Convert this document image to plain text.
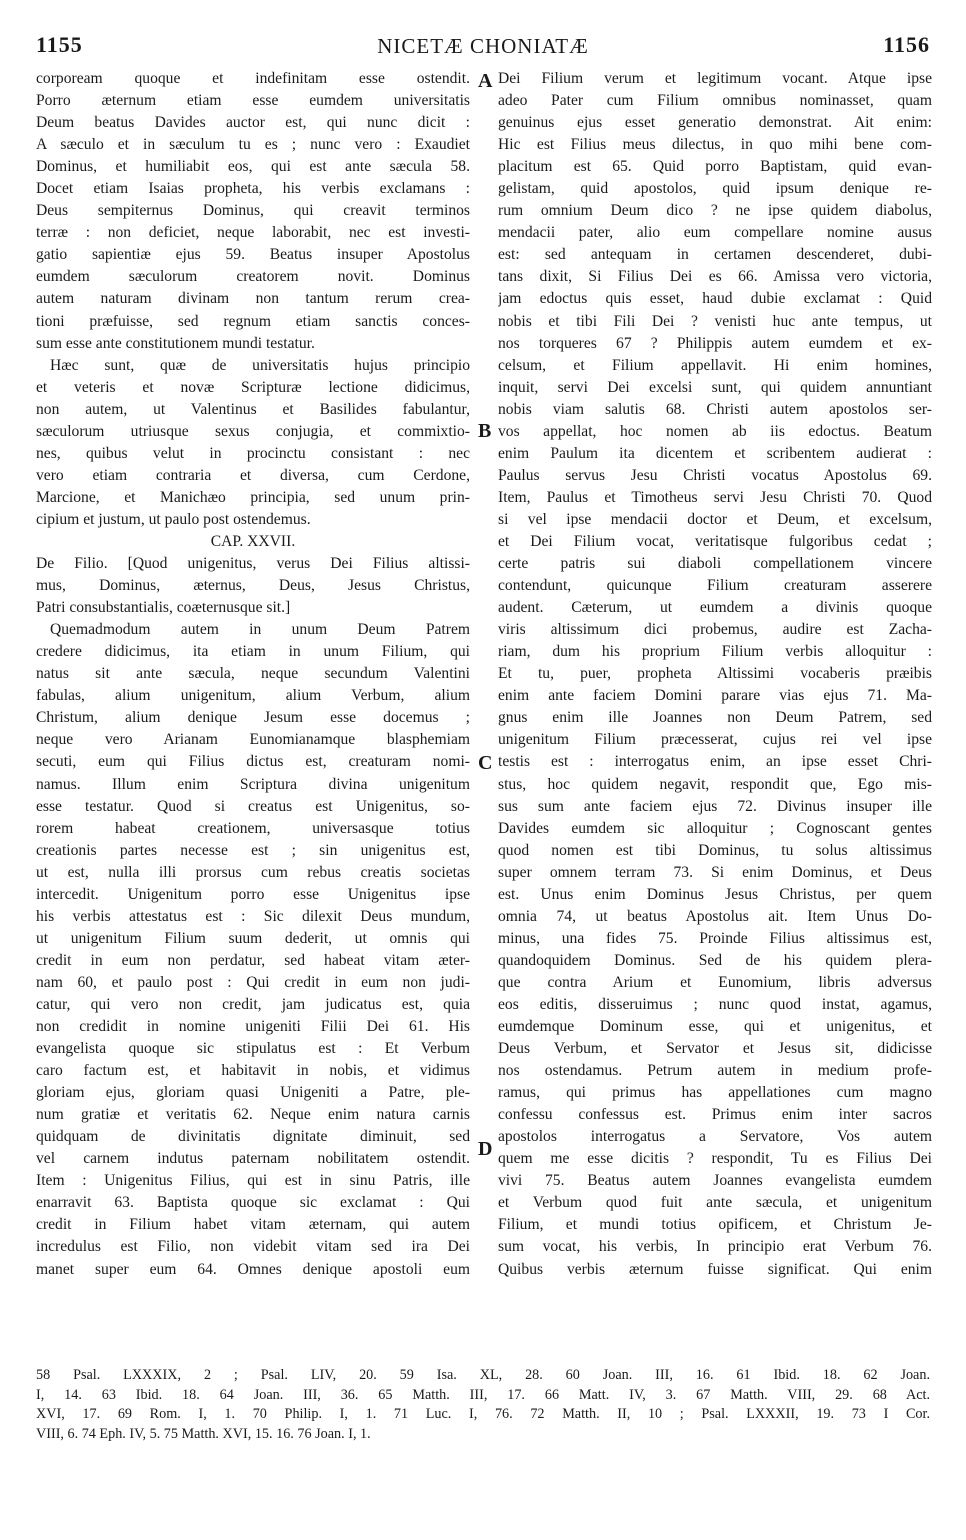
1155	NICETÆ CHONIATÆ	1156
corpoream quoque et indefinitam esse ostendit.
Porro æternum etiam esse eumdem universitatis
Deum beatus Davides auctor est, qui nunc dicit :
A sæculo et in sæculum tu es ; nunc vero : Exaudiet
Dominus, et humiliabit eos, qui est ante sæcula 58.
Docet etiam Isaias propheta, his verbis exclamans :
Deus sempiternus Dominus, qui creavit terminos
terræ : non deficiet, neque laborabit, nec est investi-
gatio sapientiæ ejus 59. Beatus insuper Apostolus
eumdem sæculorum creatorem novit. Dominus
autem naturam divinam non tantum rerum crea-
tioni præfuisse, sed regnum etiam sanctis conces-
sum esse ante constitutionem mundi testatur.
Hæc sunt, quæ de universitatis hujus principio
et veteris et novæ Scripturæ lectione didicimus,
non autem, ut Valentinus et Basilides fabulantur,
sæculorum utriusque sexus conjugia, et commixtio-
nes, quibus velut in procinctu consistant : nec
vero etiam contraria et diversa, cum Cerdone,
Marcione, et Manichæo principia, sed unum prin-
cipium et justum, ut paulo post ostendemus.
CAP. XXVII.
De Filio. [Quod unigenitus, verus Dei Filius altissi-
mus, Dominus, æternus, Deus, Jesus Christus,
Patri consubstantialis, coæternusque sit.]
Quemadmodum autem in unum Deum Patrem
credere didicimus, ita etiam in unum Filium, qui
natus sit ante sæcula, neque secundum Valentini
fabulas, alium unigenitum, alium Verbum, alium
Christum, alium denique Jesum esse docemus ;
neque vero Arianam Eunomianamque blasphemiam
secuti, eum qui Filius dictus est, creaturam nomi-
namus. Illum enim Scriptura divina unigenitum
esse testatur. Quod si creatus est Unigenitus, so-
rorem habeat creationem, universasque totius
creationis partes necesse est ; sin unigenitus est,
ut est, nulla illi prorsus cum rebus creatis societas
intercedit. Unigenitum porro esse Unigenitus ipse
his verbis attestatus est : Sic dilexit Deus mundum,
ut unigenitum Filium suum dederit, ut omnis qui
credit in eum non perdatur, sed habeat vitam æter-
nam 60, et paulo post : Qui credit in eum non judi-
catur, qui vero non credit, jam judicatus est, quia
non credidit in nomine unigeniti Filii Dei 61. His
evangelista quoque sic stipulatus est : Et Verbum
caro factum est, et habitavit in nobis, et vidimus
gloriam ejus, gloriam quasi Unigeniti a Patre, ple-
num gratiæ et veritatis 62. Neque enim natura carnis
quidquam de divinitatis dignitate diminuit, sed
vel carnem indutus paternam nobilitatem ostendit.
Item : Unigenitus Filius, qui est in sinu Patris, ille
enarravit 63. Baptista quoque sic exclamat : Qui
credit in Filium habet vitam æternam, qui autem
incredulus est Filio, non videbit vitam sed ira Dei
manet super eum 64. Omnes denique apostoli eum
Dei Filium verum et legitimum vocant. Atque ipse
adeo Pater cum Filium omnibus nominasset, quam
genuinus ejus esset generatio demonstrat. Ait enim:
Hic est Filius meus dilectus, in quo mihi bene com-
placitum est 65. Quid porro Baptistam, quid evan-
gelistam, quid apostolos, quid ipsum denique re-
rum omnium Deum dico ? ne ipse quidem diabolus,
mendacii pater, alio eum compellare nomine ausus
est: sed antequam in certamen descenderet, dubi-
tans dixit, Si Filius Dei es 66. Amissa vero victoria,
jam edoctus quis esset, haud dubie exclamat : Quid
nobis et tibi Fili Dei ? venisti huc ante tempus, ut
nos torqueres 67 ? Philippis autem eumdem et ex-
celsum, et Filium appellavit. Hi enim homines,
inquit, servi Dei excelsi sunt, qui quidem annuntiant
nobis viam salutis 68. Christi autem apostolos ser-
vos appellat, hoc nomen ab iis edoctus. Beatum
enim Paulum ita dicentem et scribentem audierat :
Paulus servus Jesu Christi vocatus Apostolus 69.
Item, Paulus et Timotheus servi Jesu Christi 70. Quod
si vel ipse mendacii doctor et Deum, et excelsum,
et Dei Filium vocat, veritatisque fulgoribus cedat ;
certe patris sui diaboli compellationem vincere
contendunt, quicunque Filium creaturam asserere
audent. Cæterum, ut eumdem a divinis quoque
viris altissimum dici probemus, audire est Zacha-
riam, dum his proprium Filium verbis alloquitur :
Et tu, puer, propheta Altissimi vocaberis præibis
enim ante faciem Domini parare vias ejus 71. Ma-
gnus enim ille Joannes non Deum Patrem, sed
unigenitum Filium præcesserat, cujus rei vel ipse
testis est : interrogatus enim, an ipse esset Chri-
stus, hoc quidem negavit, respondit que, Ego mis-
sus sum ante faciem ejus 72. Divinus insuper ille
Davides eumdem sic alloquitur ; Cognoscant gentes
quod nomen est tibi Dominus, tu solus altissimus
super omnem terram 73. Si enim Dominus, et Deus
est. Unus enim Dominus Jesus Christus, per quem
omnia 74, ut beatus Apostolus ait. Item Unus Do-
minus, una fides 75. Proinde Filius altissimus est,
quandoquidem Dominus. Sed de his quidem plera-
que contra Arium et Eunomium, libris adversus
eos editis, disseruimus ; nunc quod instat, agamus,
eumdemque Dominum esse, qui et unigenitus, et
Deus Verbum, et Servator et Jesus sit, didicisse
nos ostendamus. Petrum autem in medium profe-
ramus, qui primus has appellationes cum magno
confessu confessus est. Primus enim inter sacros
apostolos interrogatus a Servatore, Vos autem
quem me esse dicitis ? respondit, Tu es Filius Dei
vivi 75. Beatus autem Joannes evangelista eumdem
et Verbum quod fuit ante sæcula, et unigenitum
Filium, et mundi totius opificem, et Christum Je-
sum vocat, his verbis, In principio erat Verbum 76.
Quibus verbis æternum fuisse significat. Qui enim
A
B
C
D
58 Psal. LXXXIX, 2 ; Psal. LIV, 20. 59 Isa. XL, 28. 60 Joan. III, 16. 61 Ibid. 18. 62 Joan.
I, 14. 63 Ibid. 18. 64 Joan. III, 36. 65 Matth. III, 17. 66 Matt. IV, 3. 67 Matth. VIII, 29. 68 Act.
XVI, 17. 69 Rom. I, 1. 70 Philip. I, 1. 71 Luc. I, 76. 72 Matth. II, 10 ; Psal. LXXXII, 19. 73 I Cor.
VIII, 6. 74 Eph. IV, 5. 75 Matth. XVI, 15. 16. 76 Joan. I, 1.
